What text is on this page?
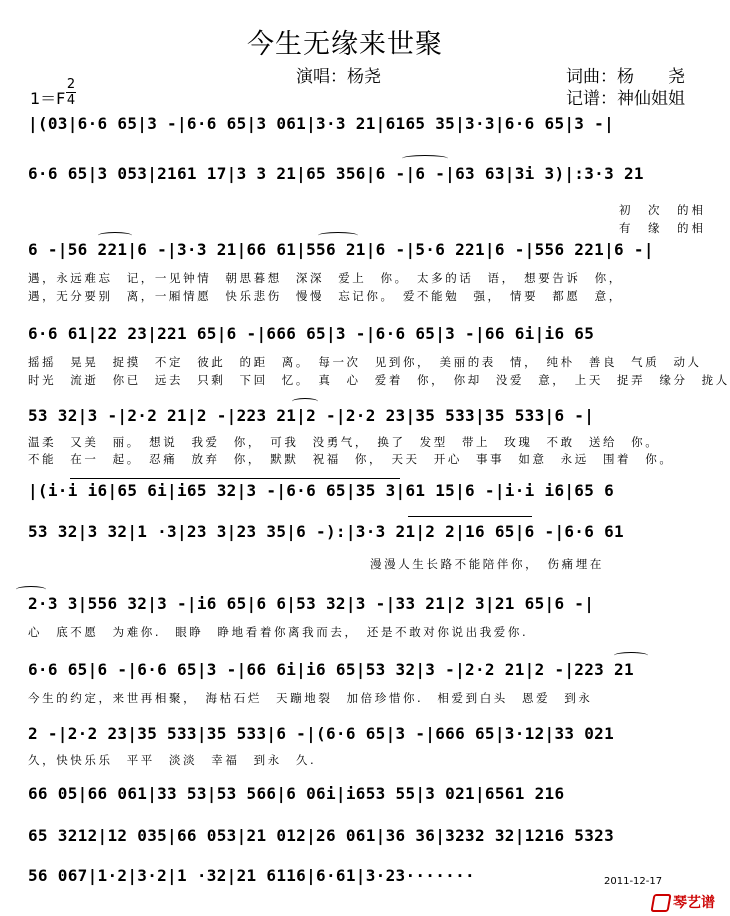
今生无缘来世聚
演唱：杨尧	词曲：杨　　尧
记谱：神仙姐姐
1＝F
2
4
|(03|6·6 65|3 -|6·6 65|3 061|3·3 21|6165 35|3·3|6·6 65|3 -|
6·6 65|3 053|2161 17|3 3 21|65 356|6 -|6 -|63 63|3i 3)|:3·3 21
初　次　的相
有　缘　的相
6 -|56 221|6 -|3·3 21|66 61|556 21|6 -|5·6 221|6 -|556 221|6 -|
遇，永远难忘　记，一见钟情　朝思暮想　深深　爱上　你。　太多的话　语，　想要告诉　你，
遇，无分要别　离，一厢情愿　快乐悲伤　慢慢　忘记你。　爱不能勉　强，　情要　都愿　意，
6·6 61|22 23|221 65|6 -|666 65|3 -|6·6 65|3 -|66 6i|i6 65
摇摇　晃晃　捉摸　不定　彼此　的距　离。　每一次　见到你，　美丽的表　情，　纯朴　善良　气质　动人
时光　流逝　你已　远去　只剩　下回　忆。　真　心　爱着　你，　你却　没爱　意，　上天　捉弄　缘分　拢人
53 32|3 -|2·2 21|2 -|223 21|2 -|2·2 23|35 533|35 533|6 -|
温柔　又美　丽。　想说　我爱　你，　可我　没勇气，　换了　发型　带上　玫瑰　不敢　送给　你。
不能　在一　起。　忍痛　放弃　你，　默默　祝福　你，　天天　开心　事事　如意　永远　围着　你。
|(i·i i6|65 6i|i65 32|3 -|6·6 65|35 3|61 15|6 -|i·i i6|65 6
53 32|3 32|1 ·3|23 3|23 35|6 -):|3·3 21|2 2|16 65|6 -|6·6 61
漫漫人生长路不能陪伴你，　伤痛埋在
2·3 3|556 32|3 -|i6 65|6 6|53 32|3 -|33 21|2 3|21 65|6 -|
心　底不愿　为难你.　眼睁　睁地看着你离我而去，　还是不敢对你说出我爱你.
6·6 65|6 -|6·6 65|3 -|66 6i|i6 65|53 32|3 -|2·2 21|2 -|223 21
今生的约定，来世再相聚，　海枯石烂　天蹦地裂　加倍珍惜你.　相爱到白头　恩爱　到永
2 -|2·2 23|35 533|35 533|6 -|(6·6 65|3 -|666 65|3·12|33 021
久，快快乐乐　平平　淡淡　幸福　到永　久.
66 05|66 061|33 53|53 566|6 06i|i653 55|3 021|6561 216
65 3212|12 035|66 053|21 012|26 061|36 36|3232 32|1216 5323
56 067|1·2|3·2|1 ·32|21 6116|6·61|3·23·······	2011-12-17
琴艺谱
